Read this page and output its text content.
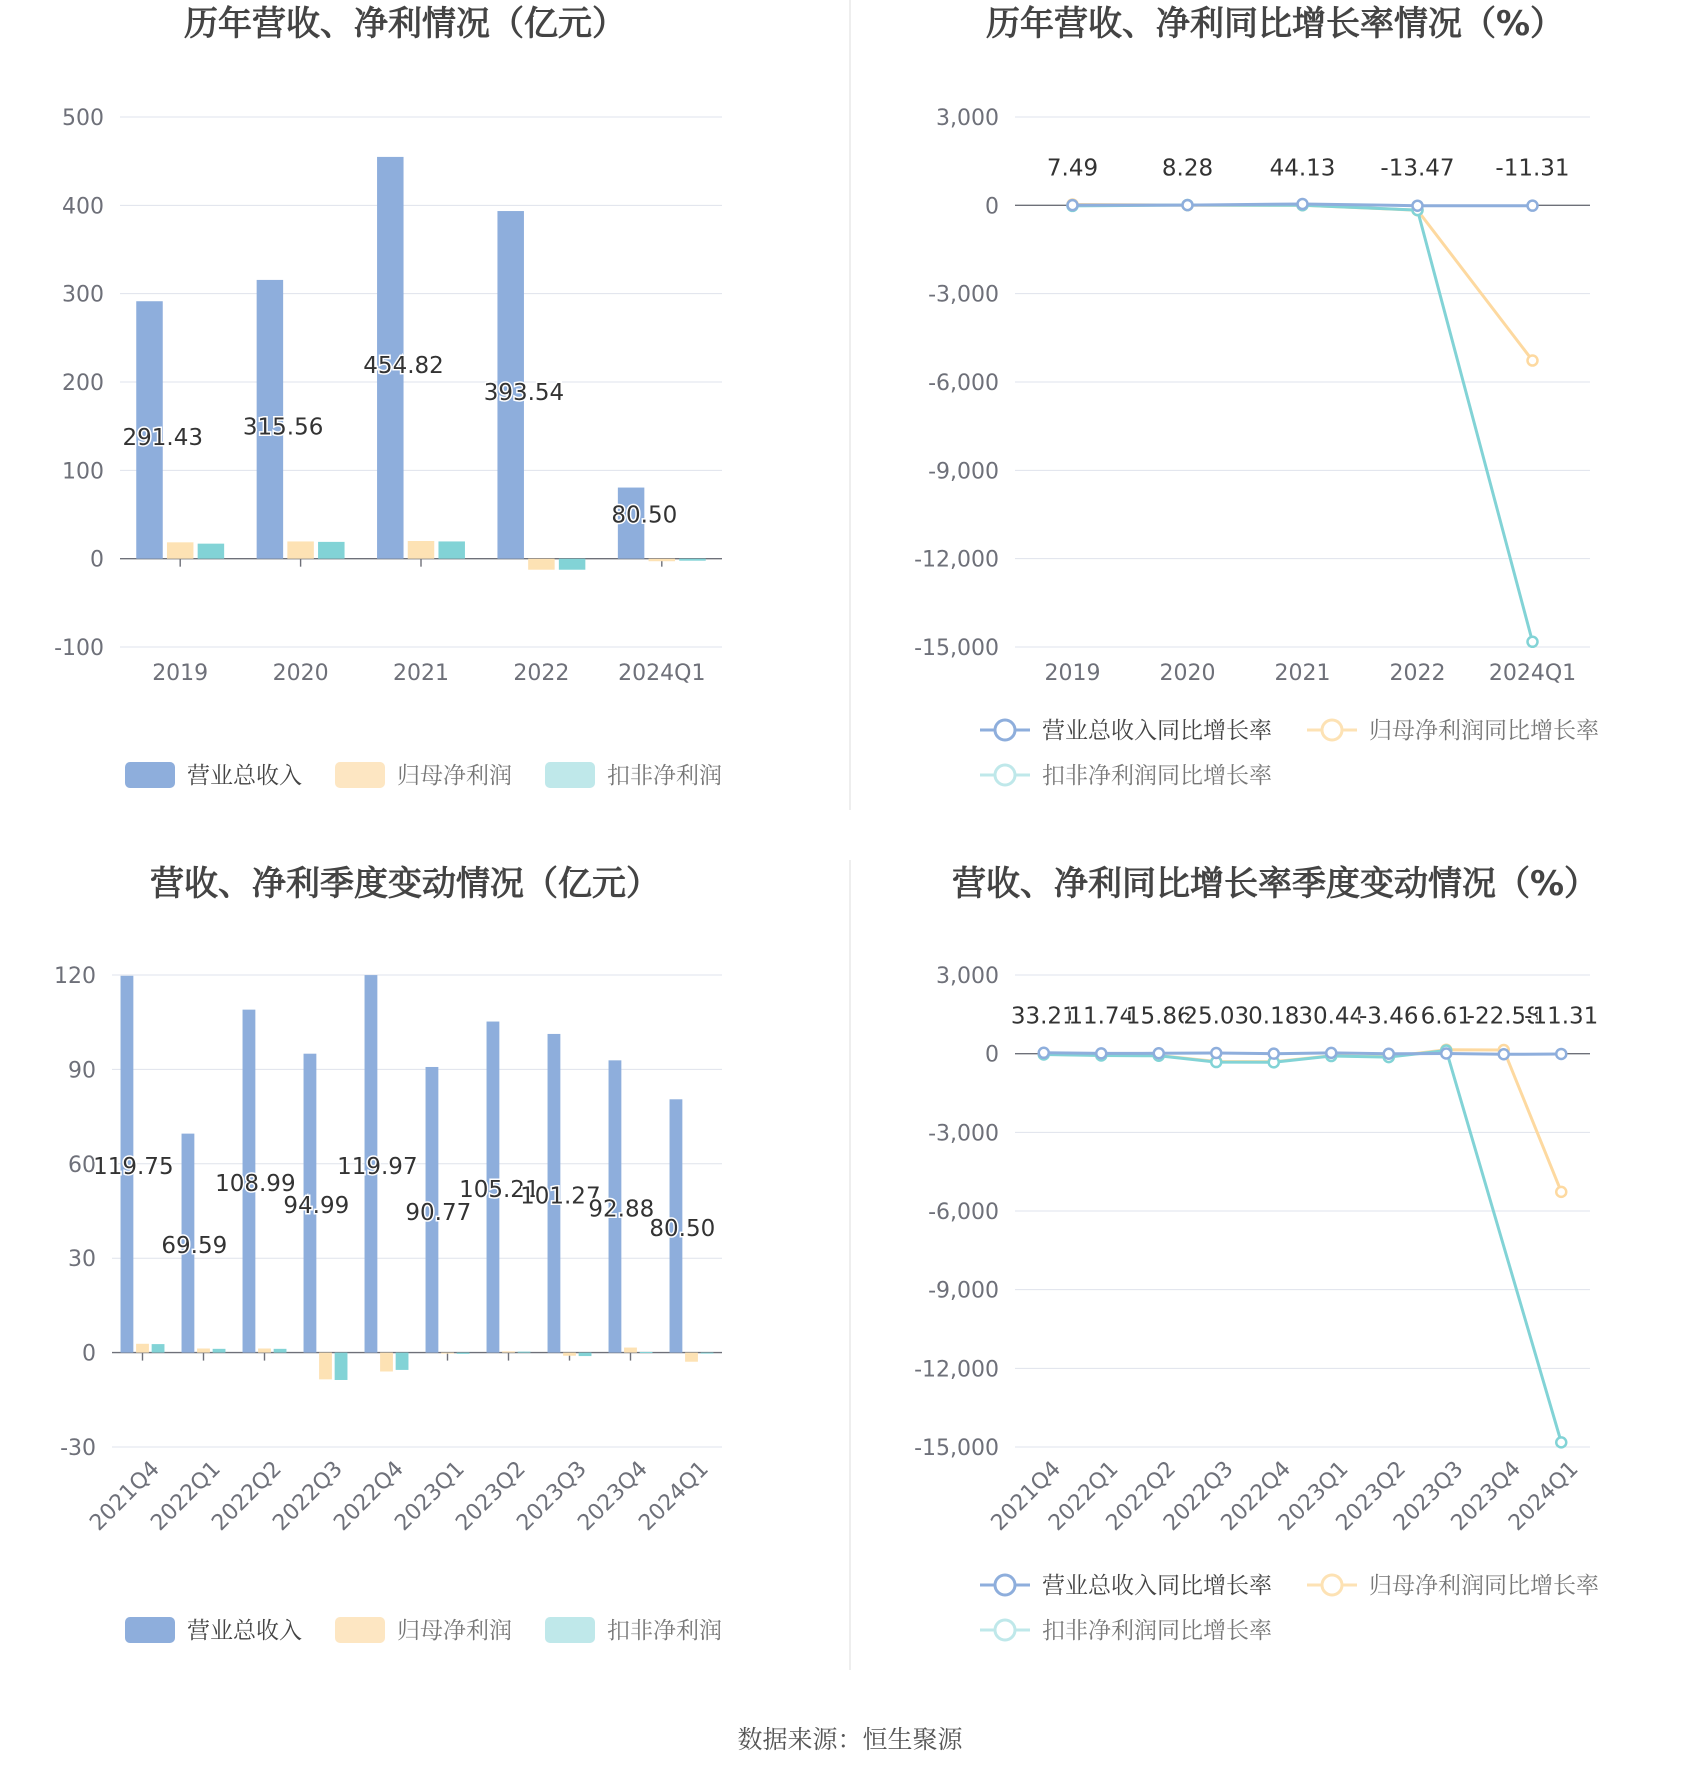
历年营收、净利情况（亿元）
500
400
300
200
100
0
-100
291.43 315.56
454.82
393.54
80.50
2019	2020	2021	2022 2024Q1
营业总收入	归母净利润	扣非净利润
历年营收、净利同比增长率情况（%）
3,000
0
-3,000
-6,000
-9,000
-12,000
-15,000
7.49	8.28 44.13 -13.47 -11.31
2019	2020	2021	2022 2024Q1
营业总收入同比增长率	归母净利润同比增长率
扣非净利润同比增长率
营收、净利季度变动情况（亿元）
120
90
60
30
0
-30
119.75
69.59
108.99
94.99
119.97
90.77
105.21
101.27
92.88
80.50
2021Q4
2022Q1
2022Q2
2022Q3
2022Q4
2023Q1
2023Q2
2023Q3
2023Q4
2024Q1
营业总收入	归母净利润	扣非净利润
营收、净利同比增长率季度变动情况（%）
3,000
0
-3,000
-6,000
-9,000
-12,000
-15,000
33.21
11.74
15.86
25.03
0.18
30.44
-3.46 6.61
-22.58
-11.31
2021Q4
2022Q1
2022Q2
2022Q3
2022Q4
2023Q1
2023Q2
2023Q3
2023Q4
2024Q1
营业总收入同比增长率	归母净利润同比增长率
扣非净利润同比增长率
数据来源：恒生聚源
